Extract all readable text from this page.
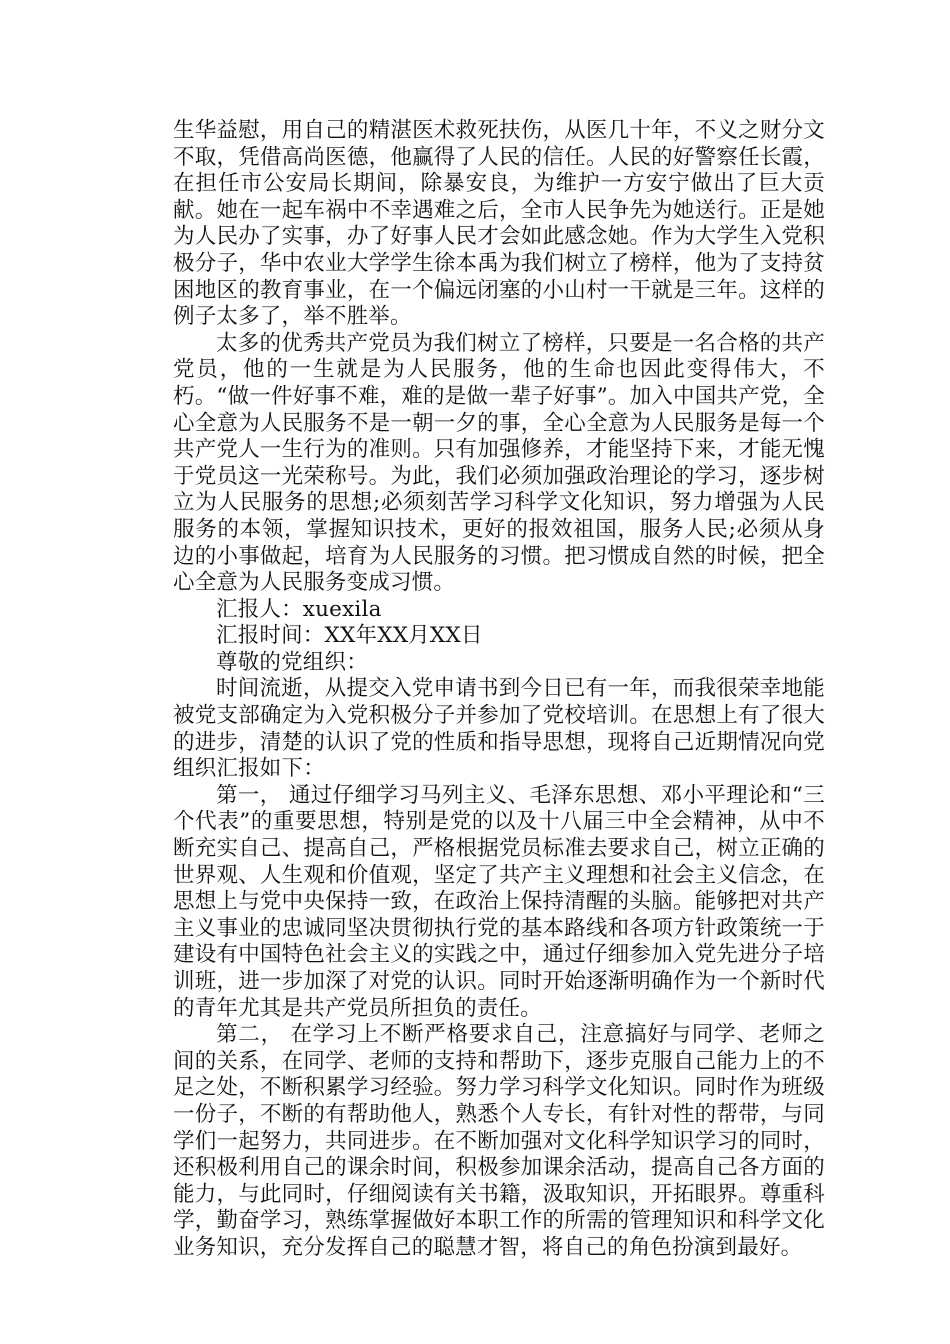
生华益慰，用自己的精湛医术救死扶伤，从医几十年，不义之财分文不取，凭借高尚医德，他赢得了人民的信任。人民的好警察任长霞，在担任市公安局长期间，除暴安良，为维护一方安宁做出了巨大贡献。她在一起车祸中不幸遇难之后，全市人民争先为她送行。正是她为人民办了实事，办了好事人民才会如此感念她。作为大学生入党积极分子，华中农业大学学生徐本禹为我们树立了榜样，他为了支持贫困地区的教育事业，在一个偏远闭塞的小山村一干就是三年。这样的例子太多了，举不胜举。

太多的优秀共产党员为我们树立了榜样，只要是一名合格的共产党员，他的一生就是为人民服务，他的生命也因此变得伟大，不朽。“做一件好事不难，难的是做一辈子好事”。加入中国共产党，全心全意为人民服务不是一朝一夕的事，全心全意为人民服务是每一个共产党人一生行为的准则。只有加强修养，才能坚持下来，才能无愧于党员这一光荣称号。为此，我们必须加强政治理论的学习，逐步树立为人民服务的思想;必须刻苦学习科学文化知识，努力增强为人民服务的本领，掌握知识技术，更好的报效祖国，服务人民;必须从身边的小事做起，培育为人民服务的习惯。把习惯成自然的时候，把全心全意为人民服务变成习惯。

汇报人：xuexila

汇报时间：XX年XX月XX日

尊敬的党组织：

时间流逝，从提交入党申请书到今日已有一年，而我很荣幸地能被党支部确定为入党积极分子并参加了党校培训。在思想上有了很大的进步，清楚的认识了党的性质和指导思想，现将自己近期情况向党组织汇报如下：

第一， 通过仔细学习马列主义、毛泽东思想、邓小平理论和“三个代表”的重要思想，特别是党的以及十八届三中全会精神，从中不断充实自己、提高自己，严格根据党员标准去要求自己，树立正确的世界观、人生观和价值观，坚定了共产主义理想和社会主义信念，在思想上与党中央保持一致，在政治上保持清醒的头脑。能够把对共产主义事业的忠诚同坚决贯彻执行党的基本路线和各项方针政策统一于建设有中国特色社会主义的实践之中，通过仔细参加入党先进分子培训班，进一步加深了对党的认识。同时开始逐渐明确作为一个新时代的青年尤其是共产党员所担负的责任。

第二， 在学习上不断严格要求自己，注意搞好与同学、老师之间的关系，在同学、老师的支持和帮助下，逐步克服自己能力上的不足之处，不断积累学习经验。努力学习科学文化知识。同时作为班级一份子，不断的有帮助他人，熟悉个人专长，有针对性的帮带，与同学们一起努力，共同进步。在不断加强对文化科学知识学习的同时，还积极利用自己的课余时间，积极参加课余活动，提高自己各方面的能力，与此同时，仔细阅读有关书籍，汲取知识，开拓眼界。尊重科学，勤奋学习，熟练掌握做好本职工作的所需的管理知识和科学文化业务知识，充分发挥自己的聪慧才智，将自己的角色扮演到最好。
